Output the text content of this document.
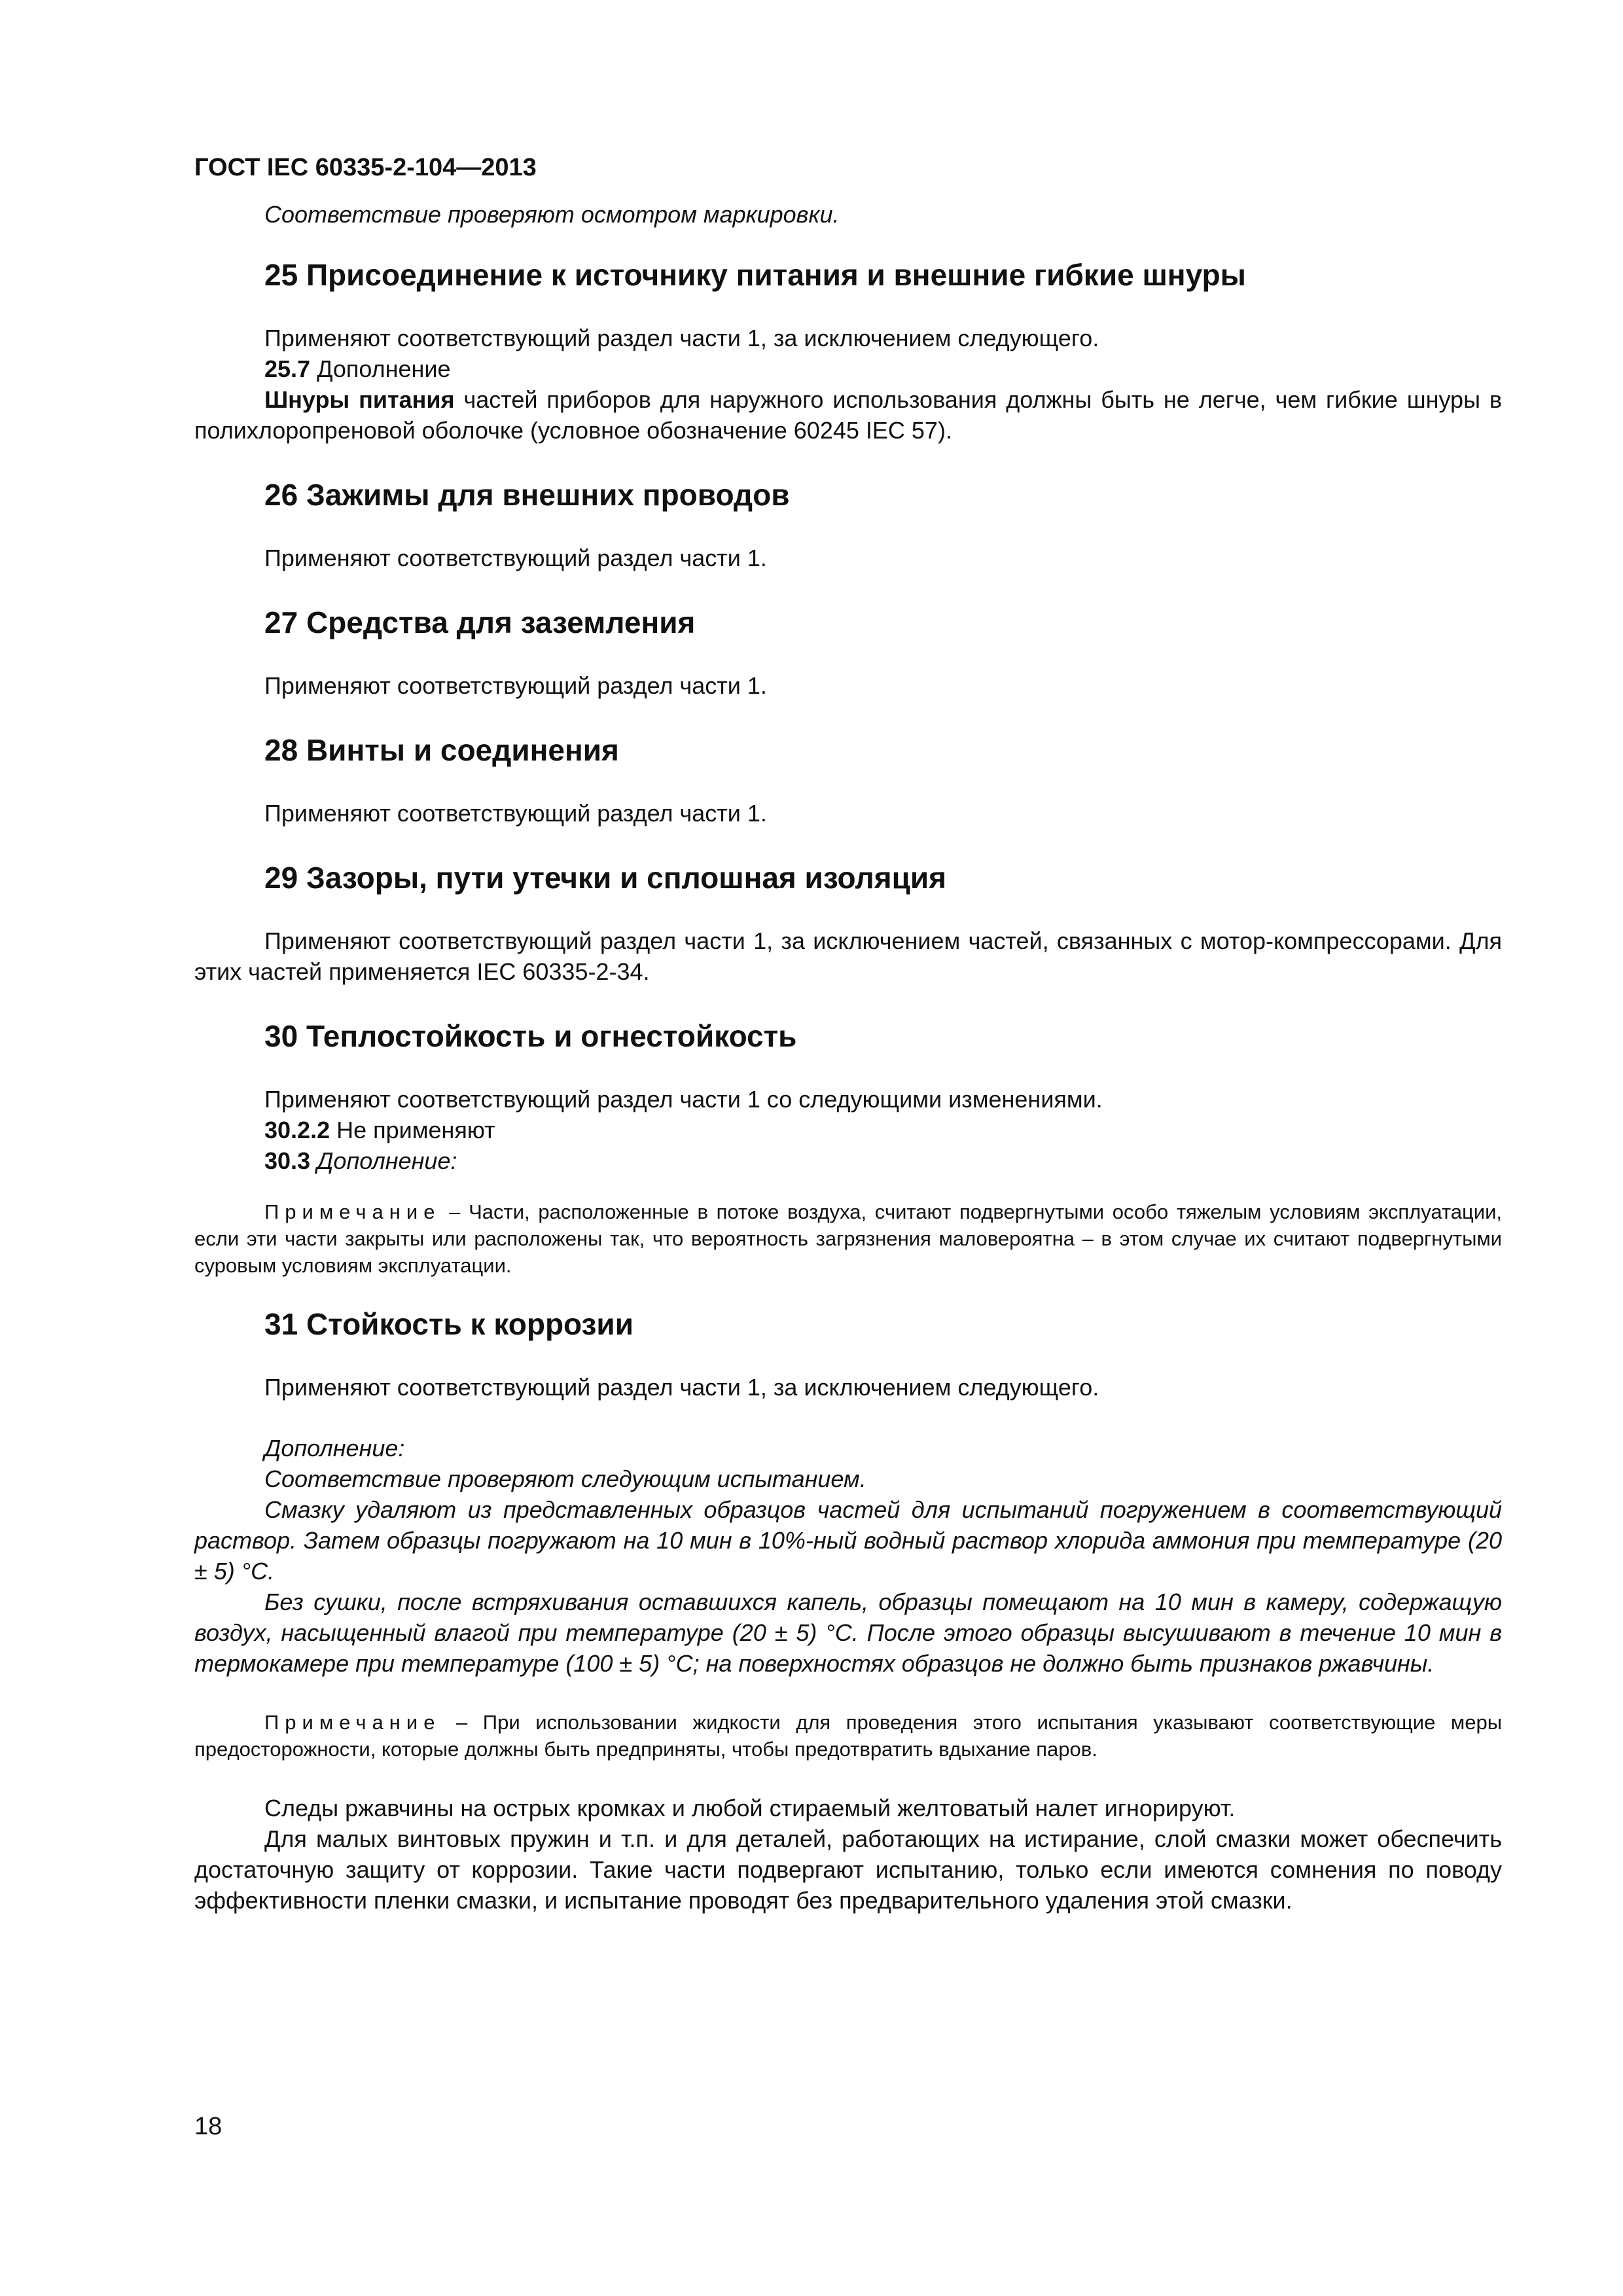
ГОСТ IEC 60335-2-104—2013

Соответствие проверяют осмотром маркировки.

25 Присоединение к источнику питания и внешние гибкие шнуры

Применяют соответствующий раздел части 1, за исключением следующего.

25.7 Дополнение

Шнуры питания частей приборов для наружного использования должны быть не легче, чем гибкие шнуры в полихлоропреновой оболочке (условное обозначение 60245 IEC 57).

26 Зажимы для внешних проводов

Применяют соответствующий раздел части 1.

27 Средства для заземления

Применяют соответствующий раздел части 1.

28 Винты и соединения

Применяют соответствующий раздел части 1.

29 Зазоры, пути утечки и сплошная изоляция

Применяют соответствующий раздел части 1, за исключением частей, связанных с мотор-компрессорами. Для этих частей применяется IEC 60335-2-34.

30 Теплостойкость и огнестойкость

Применяют соответствующий раздел части 1 со следующими изменениями.

30.2.2 Не применяют

30.3 Дополнение:

Примечание – Части, расположенные в потоке воздуха, считают подвергнутыми особо тяжелым условиям эксплуатации, если эти части закрыты или расположены так, что вероятность загрязнения маловероятна – в этом случае их считают подвергнутыми суровым условиям эксплуатации.

31 Стойкость к коррозии

Применяют соответствующий раздел части 1, за исключением следующего.

Дополнение:

Соответствие проверяют следующим испытанием.

Смазку удаляют из представленных образцов частей для испытаний погружением в соответствующий раствор. Затем образцы погружают на 10 мин в 10%-ный водный раствор хлорида аммония при температуре (20 ± 5) °С.

Без сушки, после встряхивания оставшихся капель, образцы помещают на 10 мин в камеру, содержащую воздух, насыщенный влагой при температуре (20 ± 5) °С. После этого образцы высушивают в течение 10 мин в термокамере при температуре (100 ± 5) °С; на поверхностях образцов не должно быть признаков ржавчины.

Примечание – При использовании жидкости для проведения этого испытания указывают соответствующие меры предосторожности, которые должны быть предприняты, чтобы предотвратить вдыхание паров.

Следы ржавчины на острых кромках и любой стираемый желтоватый налет игнорируют.

Для малых винтовых пружин и т.п. и для деталей, работающих на истирание, слой смазки может обеспечить достаточную защиту от коррозии. Такие части подвергают испытанию, только если имеются сомнения по поводу эффективности пленки смазки, и испытание проводят без предварительного удаления этой смазки.

18
